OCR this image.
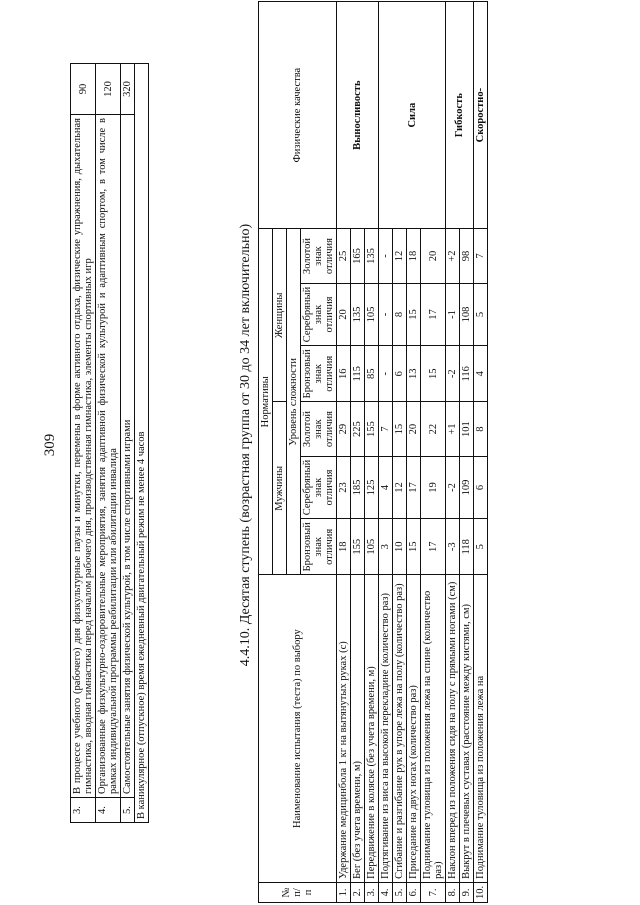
309
3.	В процессе учебного (рабочего) дня физкультурные паузы и минутки, перемены в форме активного отдыха, физические упражнения, дыхательная гимнастика, вводная гимнастика перед началом рабочего дня, производственная гимнастика, элементы спортивных игр	90
4.	Организованные физкультурно-оздоровительные мероприятия, занятия адаптивной физической культурой и адаптивным спортом, в том числе в рамках индивидуальной программы реабилитации или абилитации инвалида	120
5.	Самостоятельные занятия физической культурой, в том числе спортивными играми	320
В каникулярное (отпускное) время ежедневный двигательный режим не менее 4 часов			4.4.10. Десятая ступень (возрастная группа от 30 до 34 лет включительно)
№ п/п	Наименование испытания (теста) по выбору	Нормативы						Физические качества
		Мужчины			Женщины			
		Уровень сложности						
		Бронзовый знак отличия	Серебряный знак отличия	Золотой знак отличия	Бронзовый знак отличия	Серебряный знак отличия	Золотой знак отличия	
1.	Удержание медицинбола 1 кг на вытянутых руках (с)	18	23	29	16	20	25	Выносливость
2.	Бег (без учета времени, м)	155	185	225	115	135	165	
3.	Передвижение в коляске (без учета времени, м)	105	125	155	85	105	135	
4.	Подтягивание из виса на высокой перекладине (количество раз)	3	4	7	-	-	-	Сила
5.	Сгибание и разгибание рук в упоре лежа на полу (количество раз)	10	12	15	6	8	12	
6.	Приседание на двух ногах (количество раз)	15	17	20	13	15	18	
7.	Поднимание туловища из положения лежа на спине (количество раз)	17	19	22	15	17	20	
8.	Наклон вперед из положения сидя на полу с прямыми ногами (см)	-3	-2	+1	-2	-1	+2	Гибкость
9.	Выкрут в плечевых суставах (расстояние между кистями, см)	118	109	101	116	108	98	
10.	Поднимание туловища из положения лежа на	5	6	8	4	5	7	Скоростно-
